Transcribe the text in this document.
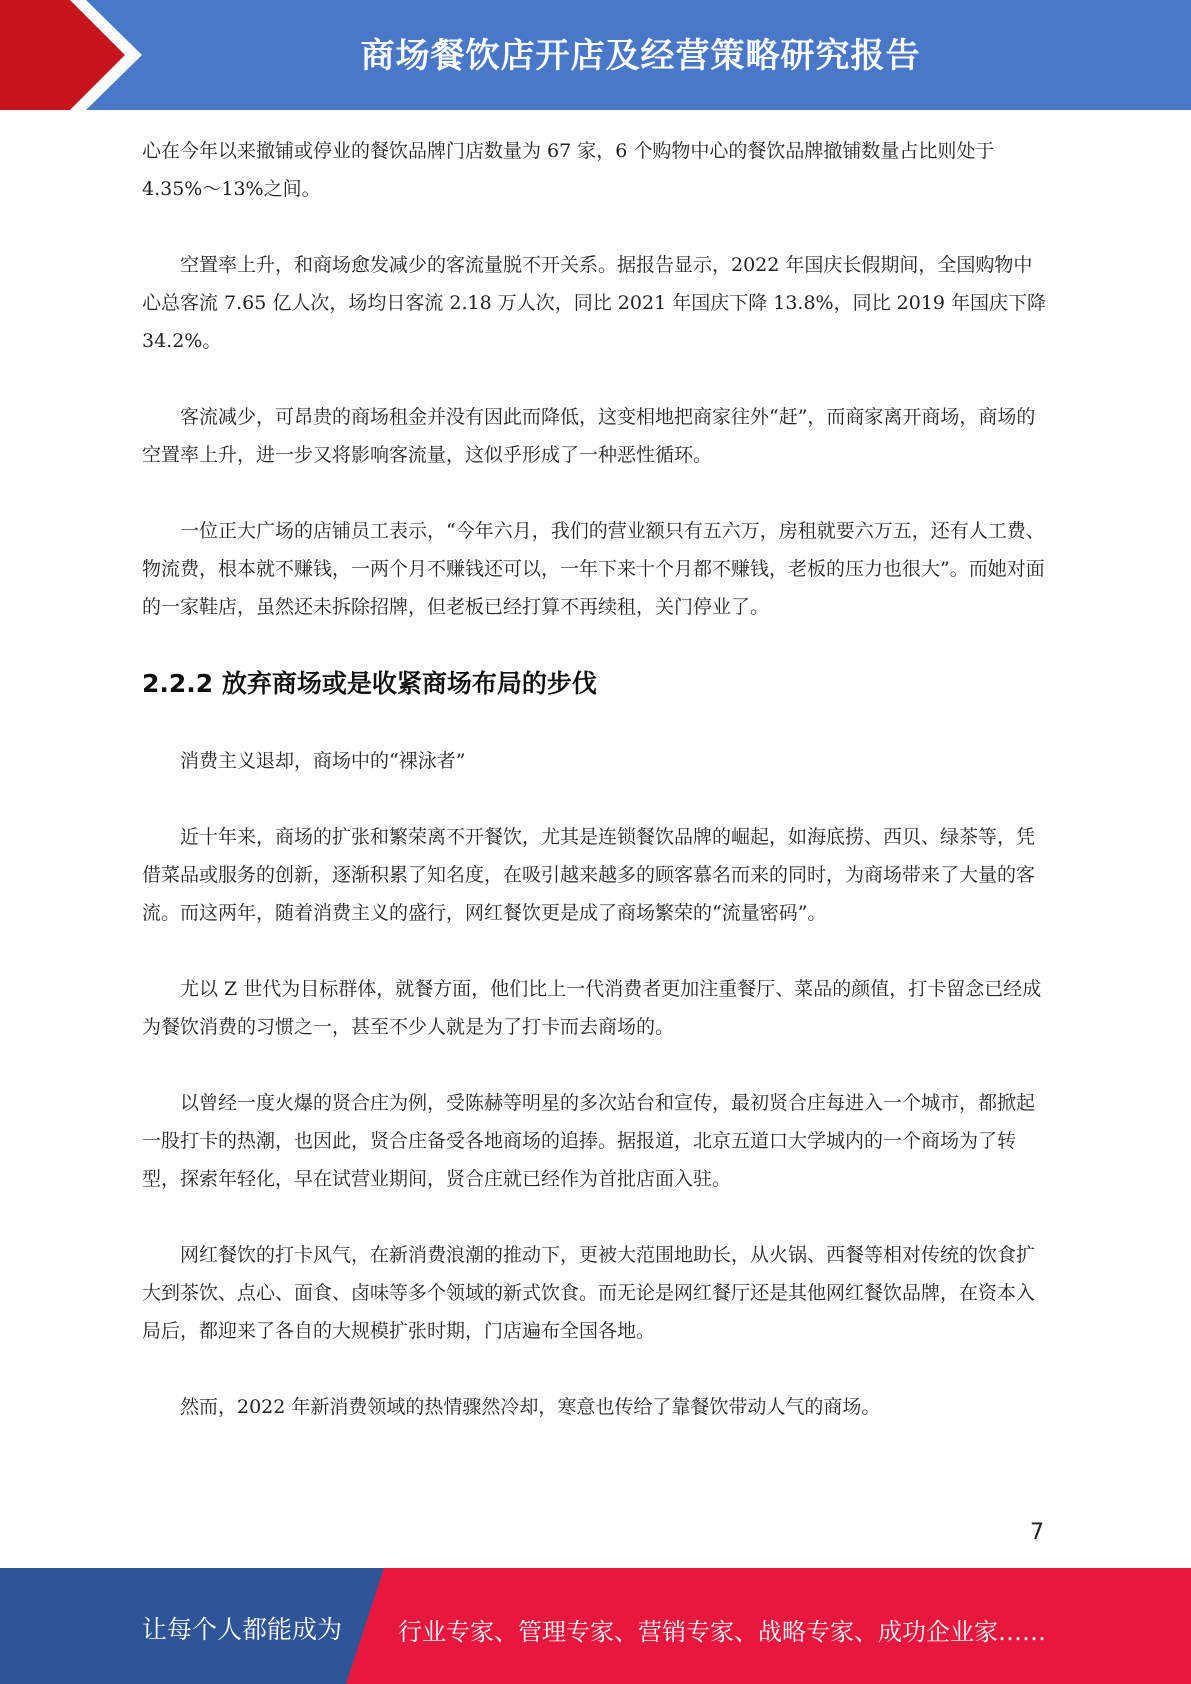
商场餐饮店开店及经营策略研究报告

心在今年以来撤铺或停业的餐饮品牌门店数量为 67 家，6 个购物中心的餐饮品牌撤铺数量占比则处于 4.35%～13%之间。

空置率上升，和商场愈发减少的客流量脱不开关系。据报告显示，2022 年国庆长假期间，全国购物中心总客流 7.65 亿人次，场均日客流 2.18 万人次，同比 2021 年国庆下降 13.8%，同比 2019 年国庆下降 34.2%。

客流减少，可昂贵的商场租金并没有因此而降低，这变相地把商家往外“赶”，而商家离开商场，商场的空置率上升，进一步又将影响客流量，这似乎形成了一种恶性循环。

一位正大广场的店铺员工表示，“今年六月，我们的营业额只有五六万，房租就要六万五，还有人工费、物流费，根本就不赚钱，一两个月不赚钱还可以，一年下来十个月都不赚钱，老板的压力也很大”。而她对面的一家鞋店，虽然还未拆除招牌，但老板已经打算不再续租，关门停业了。

2.2.2 放弃商场或是收紧商场布局的步伐

消费主义退却，商场中的“裸泳者”

近十年来，商场的扩张和繁荣离不开餐饮，尤其是连锁餐饮品牌的崛起，如海底捞、西贝、绿茶等，凭借菜品或服务的创新，逐渐积累了知名度，在吸引越来越多的顾客慕名而来的同时，为商场带来了大量的客流。而这两年，随着消费主义的盛行，网红餐饮更是成了商场繁荣的“流量密码”。

尤以 Z 世代为目标群体，就餐方面，他们比上一代消费者更加注重餐厅、菜品的颜值，打卡留念已经成为餐饮消费的习惯之一，甚至不少人就是为了打卡而去商场的。

以曾经一度火爆的贤合庄为例，受陈赫等明星的多次站台和宣传，最初贤合庄每进入一个城市，都掀起一股打卡的热潮，也因此，贤合庄备受各地商场的追捧。据报道，北京五道口大学城内的一个商场为了转型，探索年轻化，早在试营业期间，贤合庄就已经作为首批店面入驻。

网红餐饮的打卡风气，在新消费浪潮的推动下，更被大范围地助长，从火锅、西餐等相对传统的饮食扩大到茶饮、点心、面食、卤味等多个领域的新式饮食。而无论是网红餐厅还是其他网红餐饮品牌，在资本入局后，都迎来了各自的大规模扩张时期，门店遍布全国各地。

然而，2022 年新消费领域的热情骤然冷却，寒意也传给了靠餐饮带动人气的商场。

7
让每个人都能成为 行业专家、管理专家、营销专家、战略专家、成功企业家……
